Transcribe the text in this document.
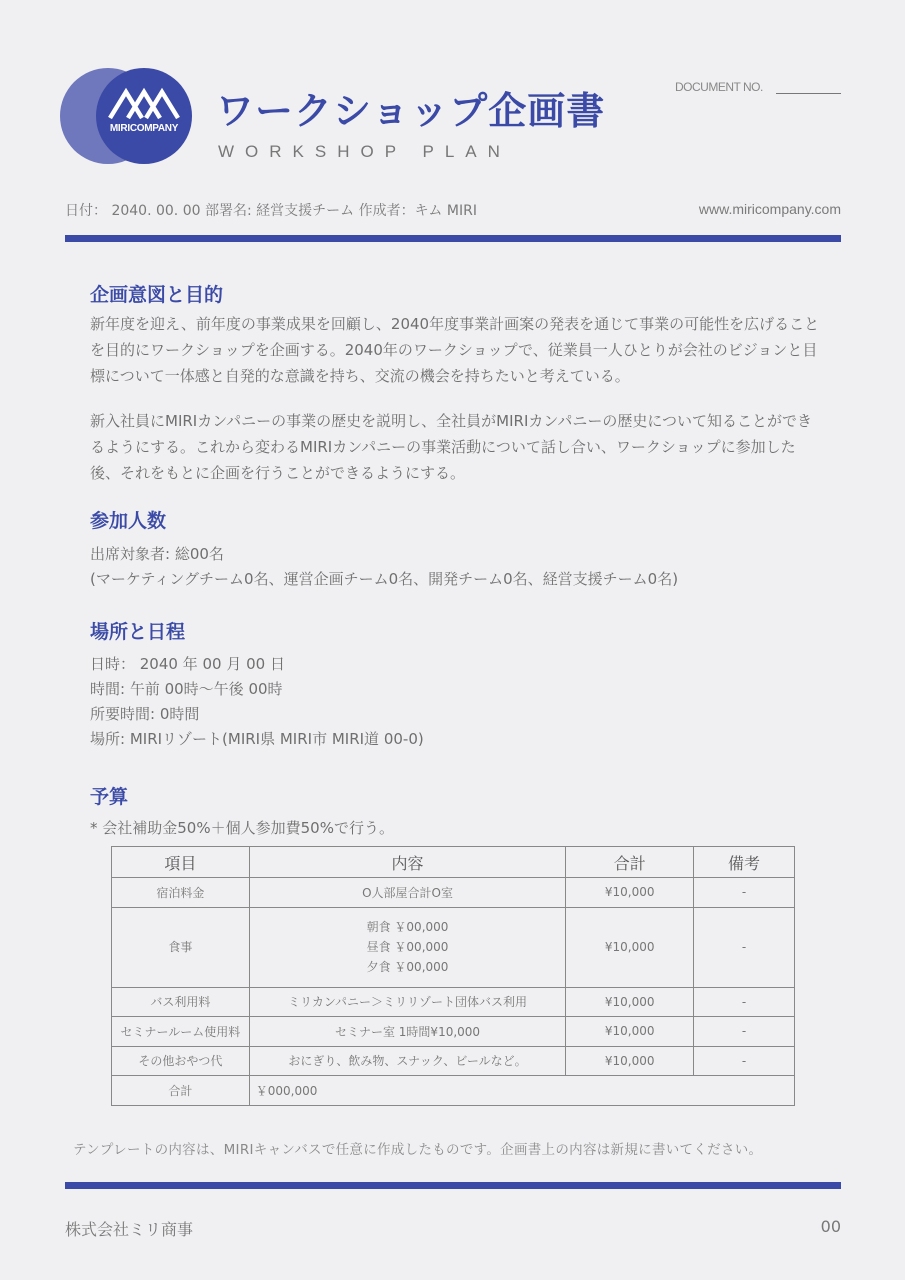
MIRICOMPANY ワークショップ企画書
WORKSHOP PLAN
DOCUMENT NO.
日付： 2040. 00. 00 部署名: 経営支援チーム 作成者：キム MIRI	www.miricompany.com
企画意図と目的
新年度を迎え、前年度の事業成果を回顧し、2040年度事業計画案の発表を通じて事業の可能性を広げることを目的にワークショップを企画する。2040年のワークショップで、従業員一人ひとりが会社のビジョンと目標について一体感と自発的な意識を持ち、交流の機会を持ちたいと考えている。
新入社員にMIRIカンパニーの事業の歴史を説明し、全社員がMIRIカンパニーの歴史について知ることができるようにする。これから変わるMIRIカンパニーの事業活動について話し合い、ワークショップに参加した後、それをもとに企画を行うことができるようにする。
参加人数
出席対象者: 総00名
(マーケティングチーム0名、運営企画チーム0名、開発チーム0名、経営支援チーム0名)
場所と日程
日時： 2040 年 00 月 00 日
時間: 午前 00時～午後 00時
所要時間: 0時間
場所: MIRIリゾート(MIRI県 MIRI市 MIRI道 00-0)
予算
* 会社補助金50%＋個人参加費50%で行う。
項目	内容	合計	備考
宿泊料金	O人部屋合計O室	¥10,000	-
食事	朝食 ￥00,000
昼食 ￥00,000
夕食 ￥00,000	¥10,000	-
バス利用料	ミリカンパニー＞ミリリゾート団体バス利用	¥10,000	-
セミナールーム使用料	セミナー室 1時間¥10,000	¥10,000	-
その他おやつ代	おにぎり、飲み物、スナック、ビールなど。	¥10,000	-
合計	￥000,000		
テンプレートの内容は、MIRIキャンバスで任意に作成したものです。企画書上の内容は新規に書いてください。
株式会社ミリ商事	00
